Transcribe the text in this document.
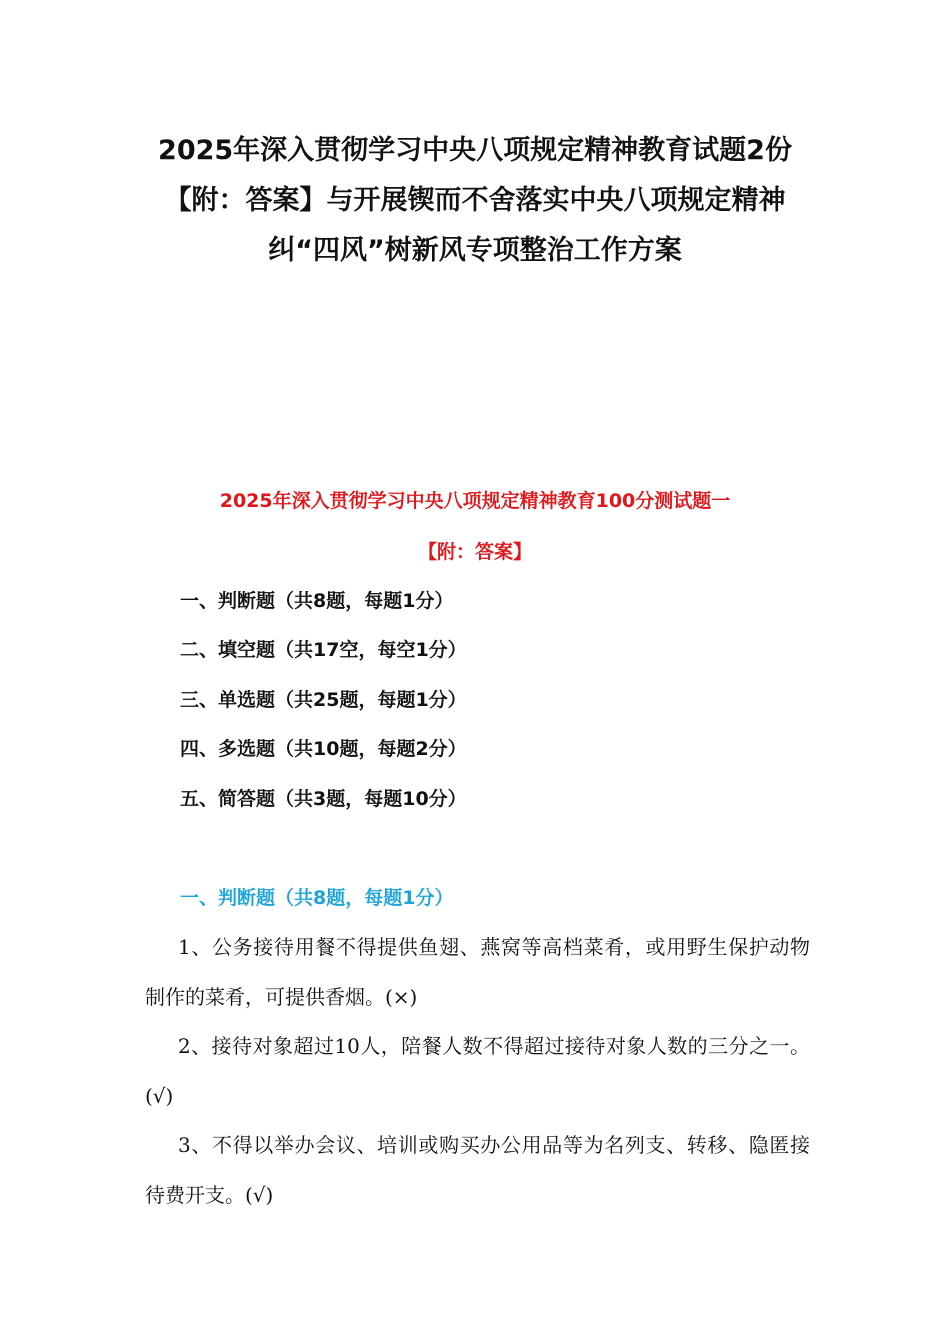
2025年深入贯彻学习中央八项规定精神教育试题2份【附：答案】与开展锲而不舍落实中央八项规定精神纠“四风”树新风专项整治工作方案

2025年深入贯彻学习中央八项规定精神教育100分测试题一

【附：答案】

一、判断题（共8题，每题1分）

二、填空题（共17空，每空1分）

三、单选题（共25题，每题1分）

四、多选题（共10题，每题2分）

五、简答题（共3题，每题10分）

一、判断题（共8题，每题1分）

1、公务接待用餐不得提供鱼翅、燕窝等高档菜肴，或用野生保护动物制作的菜肴，可提供香烟。(×)

2、接待对象超过10人，陪餐人数不得超过接待对象人数的三分之一。 (√)

3、不得以举办会议、培训或购买办公用品等为名列支、转移、隐匿接待费开支。(√)
